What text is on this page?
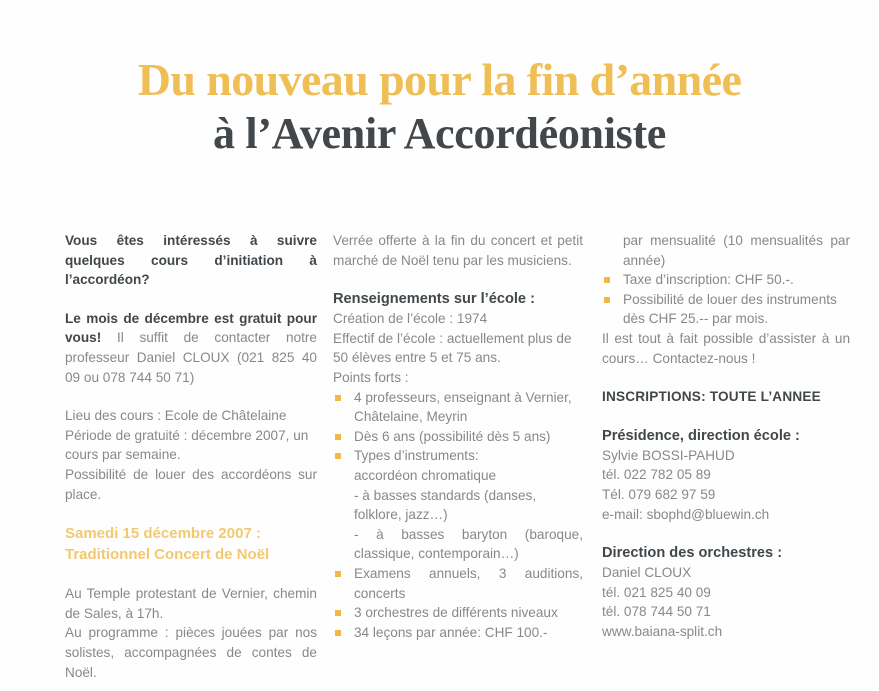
Du nouveau pour la fin d’année
à l’Avenir Accordéoniste

Vous êtes intéressés à suivre quelques cours d’initiation à l’accordéon?

Le mois de décembre est gratuit pour vous! Il suffit de contacter notre professeur Daniel CLOUX (021 825 40 09 ou 078 744 50 71)

Lieu des cours : Ecole de Châtelaine

Période de gratuité : décembre 2007, un cours par semaine.

Possibilité de louer des accordéons sur place.

Samedi 15 décembre 2007 :

Traditionnel Concert de Noël

Au Temple protestant de Vernier, chemin de Sales, à 17h.

Au programme : pièces jouées par nos solistes, accompagnées de contes de Noël.

Verrée offerte à la fin du concert et petit marché de Noël tenu par les musiciens.

Renseignements sur l’école :

Création de l’école : 1974

Effectif de l’école : actuellement plus de 50 élèves entre 5 et 75 ans.

Points forts :

4 professeurs, enseignant à Vernier, Châtelaine, Meyrin
Dès 6 ans (possibilité dès 5 ans)
Types d’instruments:
accordéon chromatique
- à basses standards (danses, folklore, jazz…)
- à basses baryton (baroque, classique, contemporain…)
Examens annuels, 3 auditions, concerts
3 orchestres de différents niveaux
34 leçons par année: CHF 100.-

par mensualité (10 mensualités par année)

Taxe d’inscription: CHF 50.-.
Possibilité de louer des instruments dès CHF 25.-- par mois.

Il est tout à fait possible d’assister à un cours… Contactez-nous !

INSCRIPTIONS: TOUTE L’ANNEE

Présidence, direction école :

Sylvie BOSSI-PAHUD

tél. 022 782 05 89

Tél. 079 682 97 59

e-mail: sbophd@bluewin.ch

Direction des orchestres :

Daniel CLOUX

tél. 021 825 40 09

tél. 078 744 50 71

www.baiana-split.ch
